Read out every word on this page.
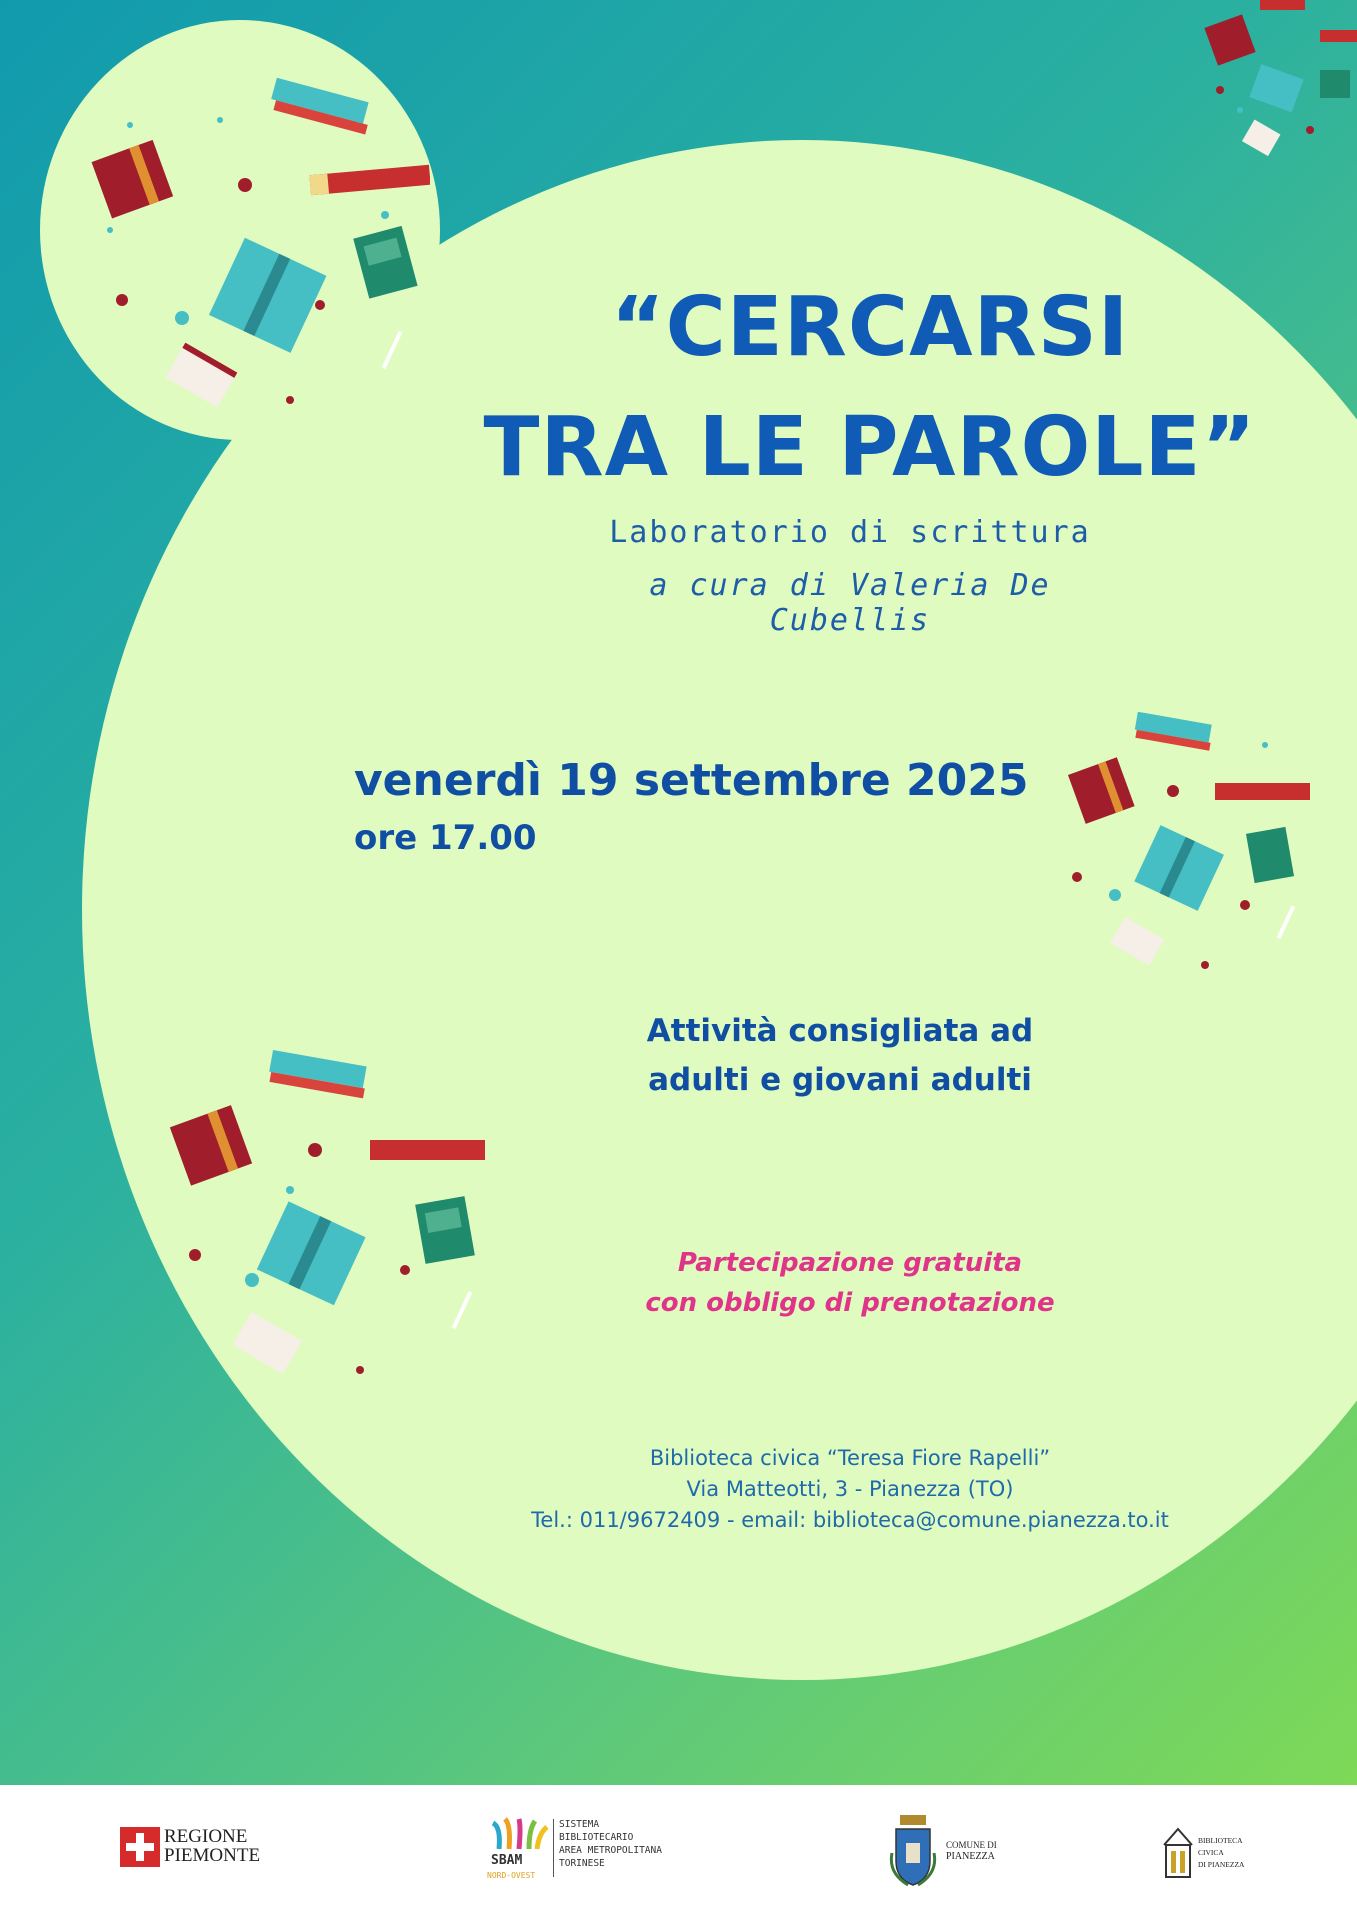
“CERCARSI
TRA LE PAROLE”
Laboratorio di scrittura
a cura di Valeria De Cubellis
venerdì 19 settembre 2025
ore 17.00
Attività consigliata ad
adulti e giovani adulti
Partecipazione gratuita
con obbligo di prenotazione
Biblioteca civica “Teresa Fiore Rapelli”
Via Matteotti, 3 - Pianezza (TO)
Tel.: 011/9672409 - email: biblioteca@comune.pianezza.to.it
REGIONE
PIEMONTE	SBAM
NORD-OVEST
SISTEMA
BIBLIOTECARIO
AREA METROPOLITANA
TORINESE
COMUNE DI
PIANEZZA
BIBLIOTECA
CIVICA
DI PIANEZZA
